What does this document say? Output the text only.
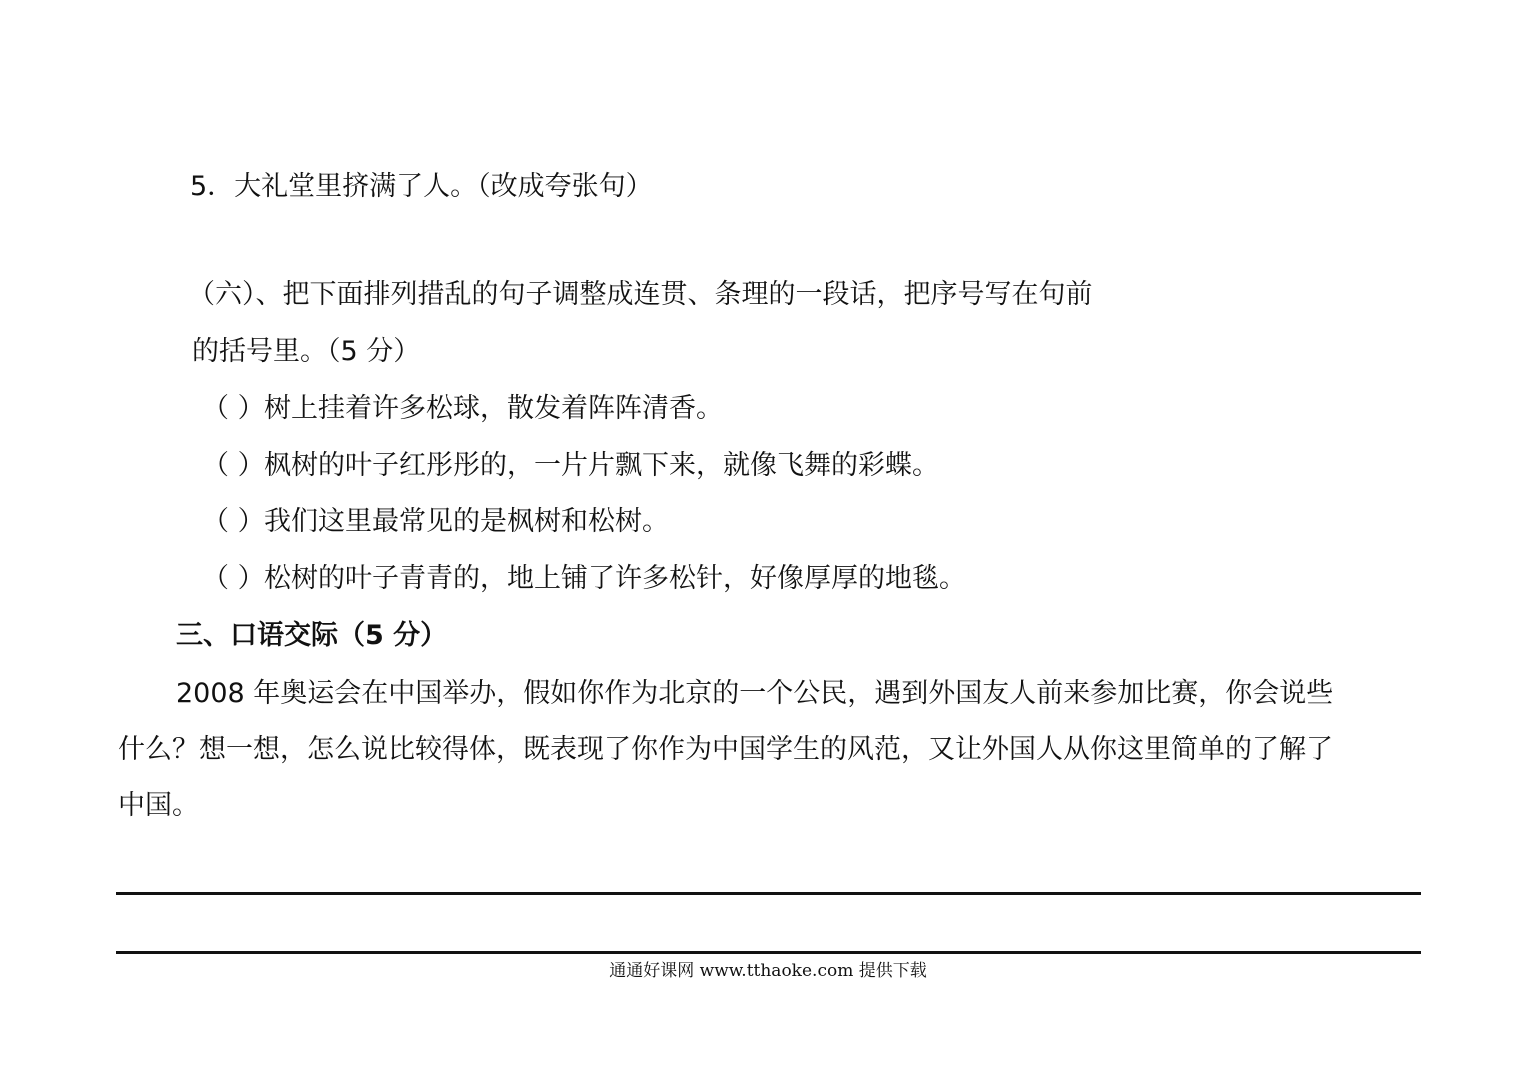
5．大礼堂里挤满了人。（改成夸张句）
（六）、把下面排列措乱的句子调整成连贯、条理的一段话，把序号写在句前
的括号里。（5 分）
（ ）树上挂着许多松球，散发着阵阵清香。
（ ）枫树的叶子红彤彤的，一片片飘下来，就像飞舞的彩蝶。
（ ）我们这里最常见的是枫树和松树。
（ ）松树的叶子青青的，地上铺了许多松针，好像厚厚的地毯。
三、口语交际（5 分）
2008 年奥运会在中国举办，假如你作为北京的一个公民，遇到外国友人前来参加比赛，你会说些
什么？想一想，怎么说比较得体，既表现了你作为中国学生的风范，又让外国人从你这里简单的了解了
中国。
通通好课网 www.tthaoke.com 提供下载
